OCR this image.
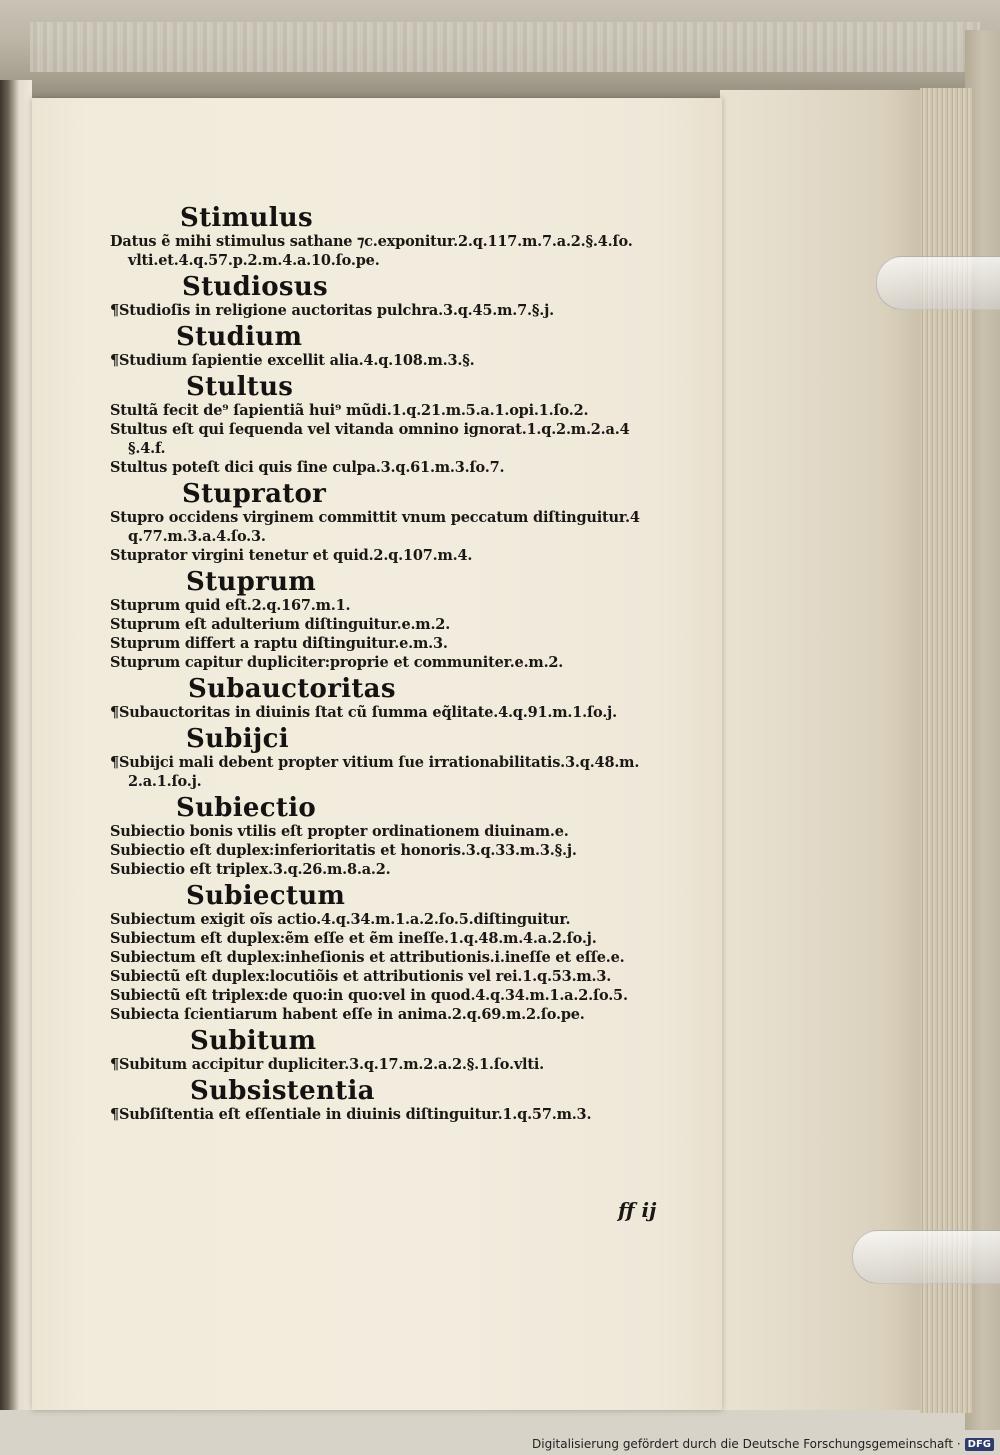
Stimulus
Datus ẽ mihi stimulus sathane ⁊c.exponitur.2.q.117.m.7.a.2.§.4.ſo.
vlti.et.4.q.57.p.2.m.4.a.10.ſo.pe.
Studiosus
¶Studioſis in religione auctoritas pulchra.3.q.45.m.7.§.j.
Studium
¶Studium ſapientie excellit alia.4.q.108.m.3.§.
Stultus
Stultã fecit de⁹ ſapientiã hui⁹ mũdi.1.q.21.m.5.a.1.opi.1.ſo.2.
Stultus eſt qui ſequenda vel vitanda omnino ignorat.1.q.2.m.2.a.4
§.4.f.
Stultus poteſt dici quis ſine culpa.3.q.61.m.3.ſo.7.
Stuprator
Stupro occidens virginem committit vnum peccatum diſtinguitur.4
q.77.m.3.a.4.ſo.3.
Stuprator virgini tenetur et quid.2.q.107.m.4.
Stuprum
Stuprum quid eſt.2.q.167.m.1.
Stuprum eſt adulterium diſtinguitur.e.m.2.
Stuprum differt a raptu diſtinguitur.e.m.3.
Stuprum capitur dupliciter:proprie et communiter.e.m.2.
Subauctoritas
¶Subauctoritas in diuinis ſtat cũ ſumma eq̃litate.4.q.91.m.1.ſo.j.
Subijci
¶Subijci mali debent propter vitium ſue irrationabilitatis.3.q.48.m.
2.a.1.ſo.j.
Subiectio
Subiectio bonis vtilis eſt propter ordinationem diuinam.e.
Subiectio eſt duplex:inferioritatis et honoris.3.q.33.m.3.§.j.
Subiectio eſt triplex.3.q.26.m.8.a.2.
Subiectum
Subiectum exigit oĩs actio.4.q.34.m.1.a.2.ſo.5.diſtinguitur.
Subiectum eſt duplex:ẽm eſſe et ẽm ineſſe.1.q.48.m.4.a.2.ſo.j.
Subiectum eſt duplex:inheſionis et attributionis.i.ineſſe et eſſe.e.
Subiectũ eſt duplex:locutiõis et attributionis vel rei.1.q.53.m.3.
Subiectũ eſt triplex:de quo:in quo:vel in quod.4.q.34.m.1.a.2.ſo.5.
Subiecta ſcientiarum habent eſſe in anima.2.q.69.m.2.ſo.pe.
Subitum
¶Subitum accipitur dupliciter.3.q.17.m.2.a.2.§.1.ſo.vlti.
Subsistentia
¶Subſiſtentia eſt eſſentiale in diuinis diſtinguitur.1.q.57.m.3.
ff ij
Digitalisierung gefördert durch die Deutsche Forschungsgemeinschaft · DFG
